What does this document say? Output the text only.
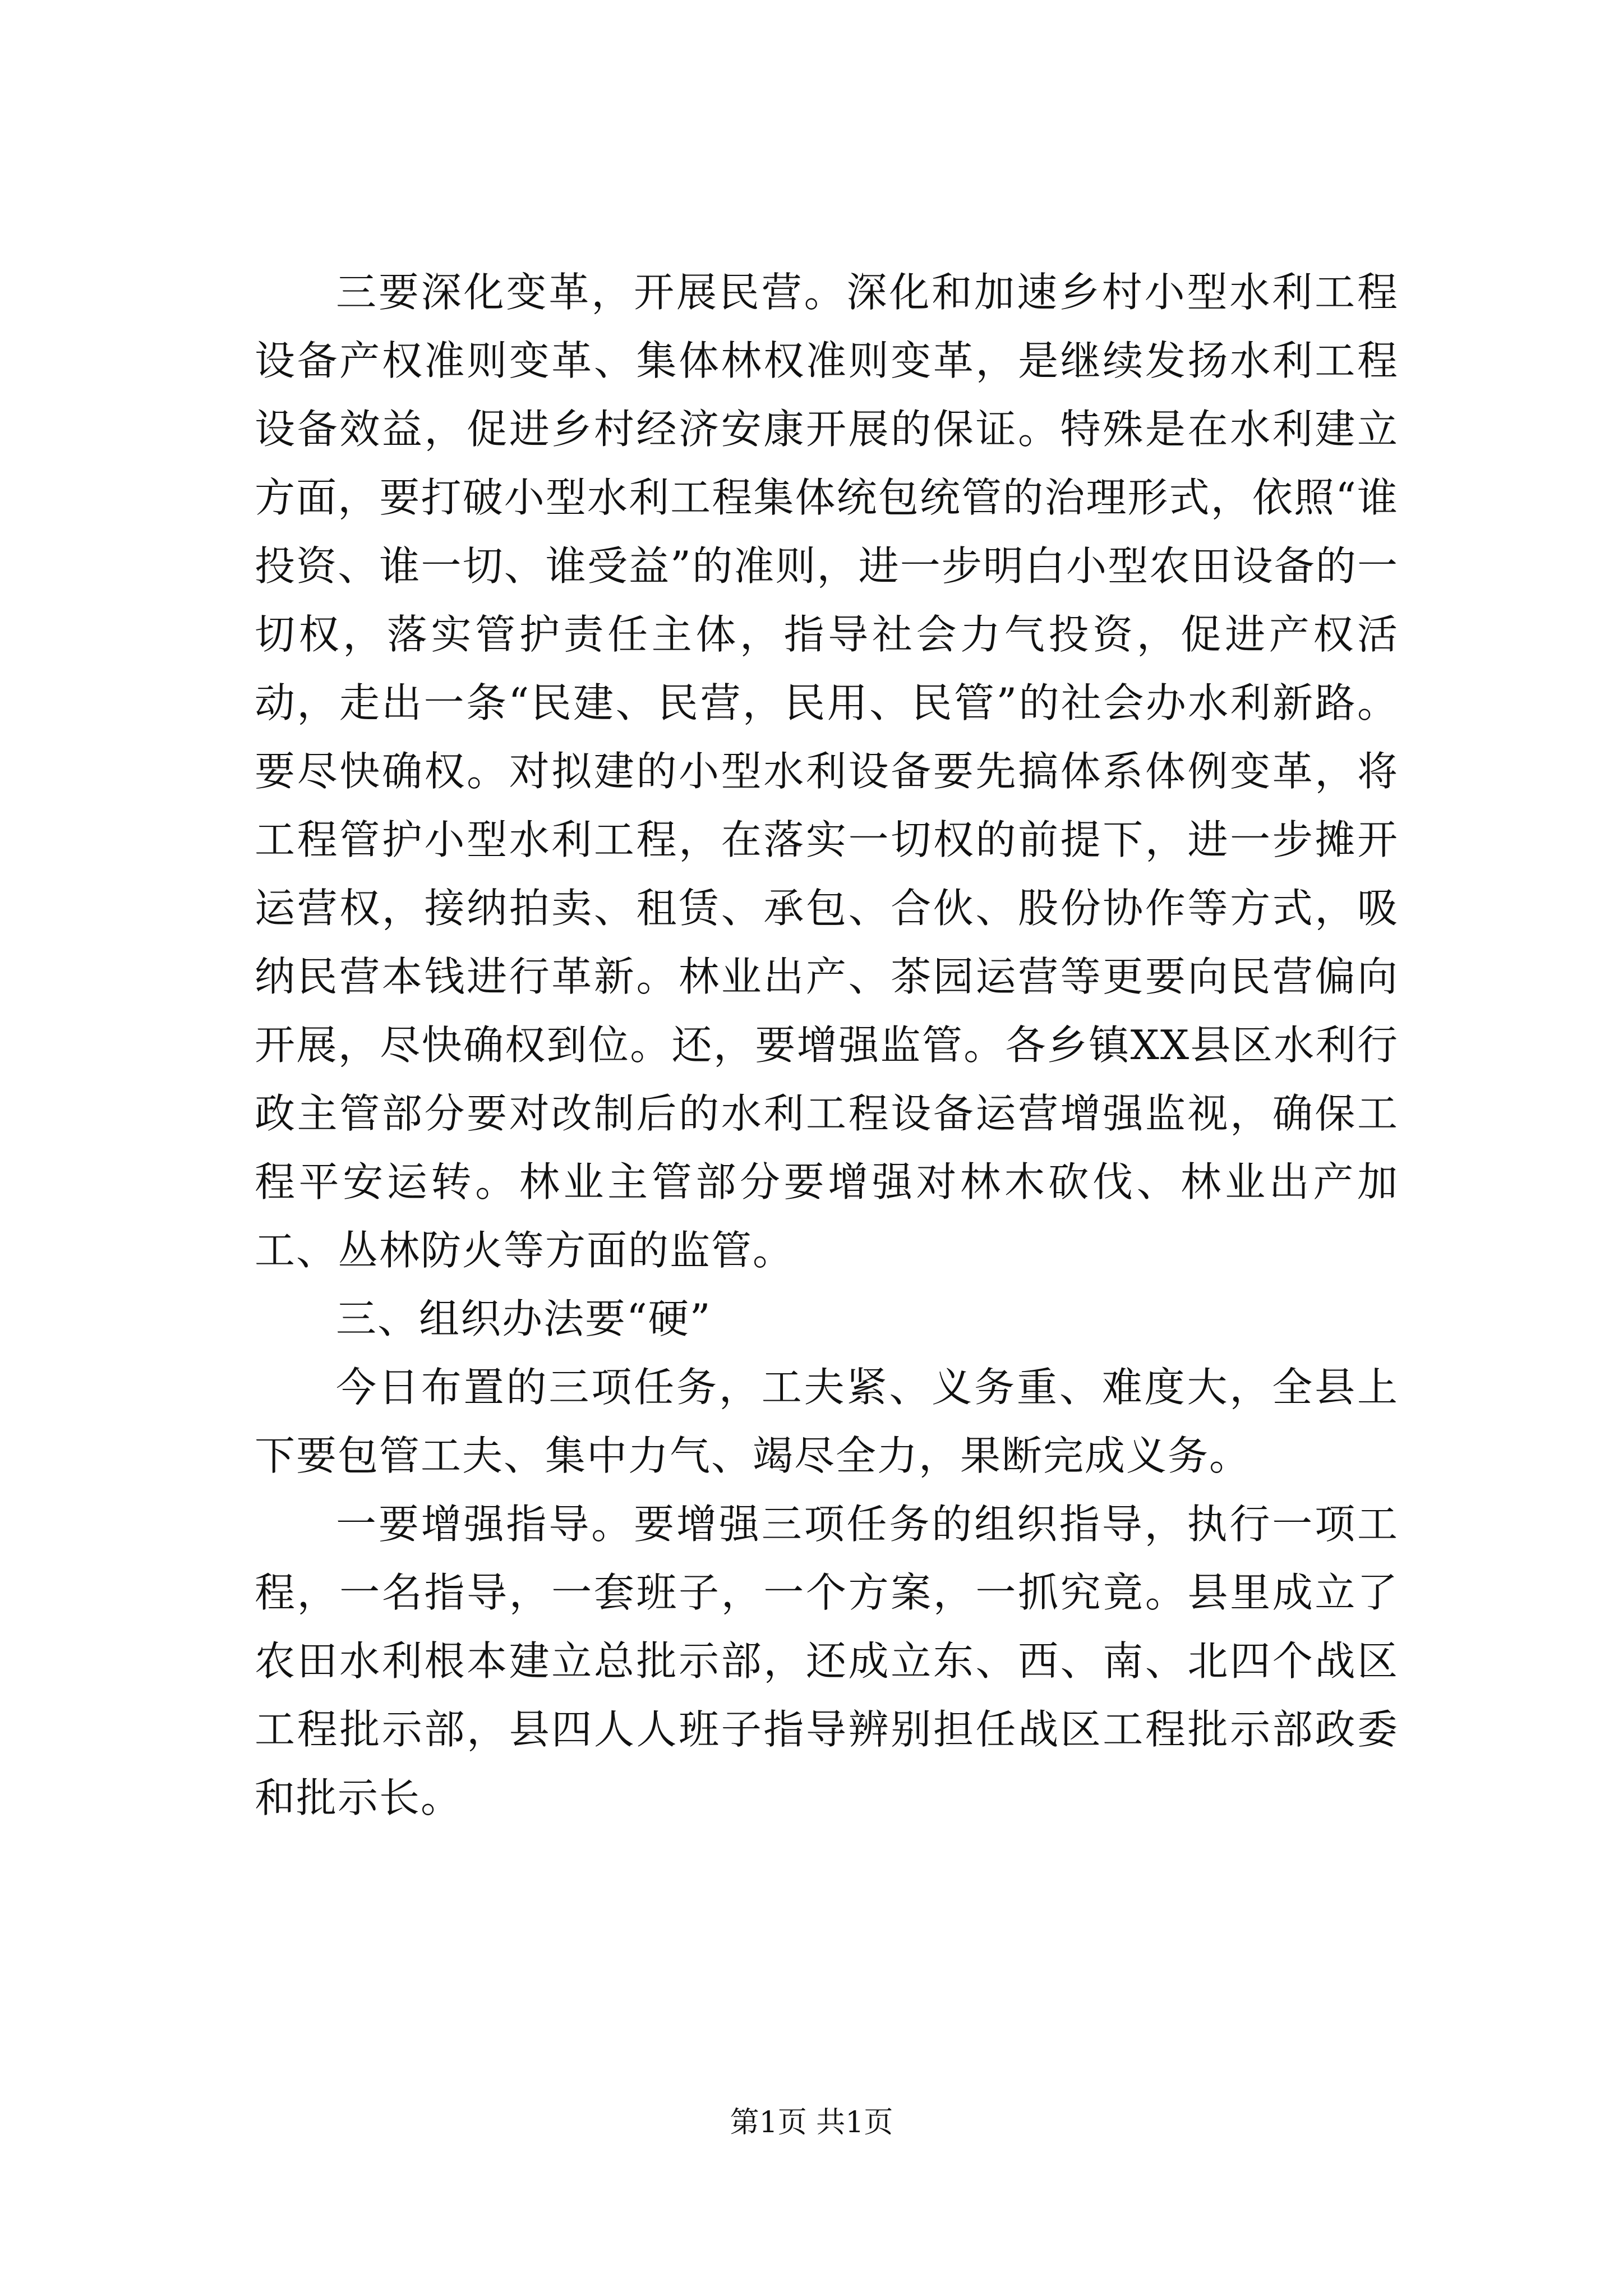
三要深化变革，开展民营。深化和加速乡村小型水利工程设备产权准则变革、集体林权准则变革，是继续发扬水利工程设备效益，促进乡村经济安康开展的保证。特殊是在水利建立方面，要打破小型水利工程集体统包统管的治理形式，依照“谁投资、谁一切、谁受益”的准则，进一步明白小型农田设备的一切权，落实管护责任主体，指导社会力气投资，促进产权活动，走出一条“民建、民营，民用、民管”的社会办水利新路。要尽快确权。对拟建的小型水利设备要先搞体系体例变革，将工程管护小型水利工程，在落实一切权的前提下，进一步摊开运营权，接纳拍卖、租赁、承包、合伙、股份协作等方式，吸纳民营本钱进行革新。林业出产、茶园运营等更要向民营偏向开展，尽快确权到位。还，要增强监管。各乡镇XX县区水利行政主管部分要对改制后的水利工程设备运营增强监视，确保工程平安运转。林业主管部分要增强对林木砍伐、林业出产加工、丛林防火等方面的监管。

三、组织办法要“硬”

今日布置的三项任务，工夫紧、义务重、难度大，全县上下要包管工夫、集中力气、竭尽全力，果断完成义务。

一要增强指导。要增强三项任务的组织指导，执行一项工程，一名指导，一套班子，一个方案，一抓究竟。县里成立了农田水利根本建立总批示部，还成立东、西、南、北四个战区工程批示部，县四人人班子指导辨别担任战区工程批示部政委和批示长。

第1页 共1页
